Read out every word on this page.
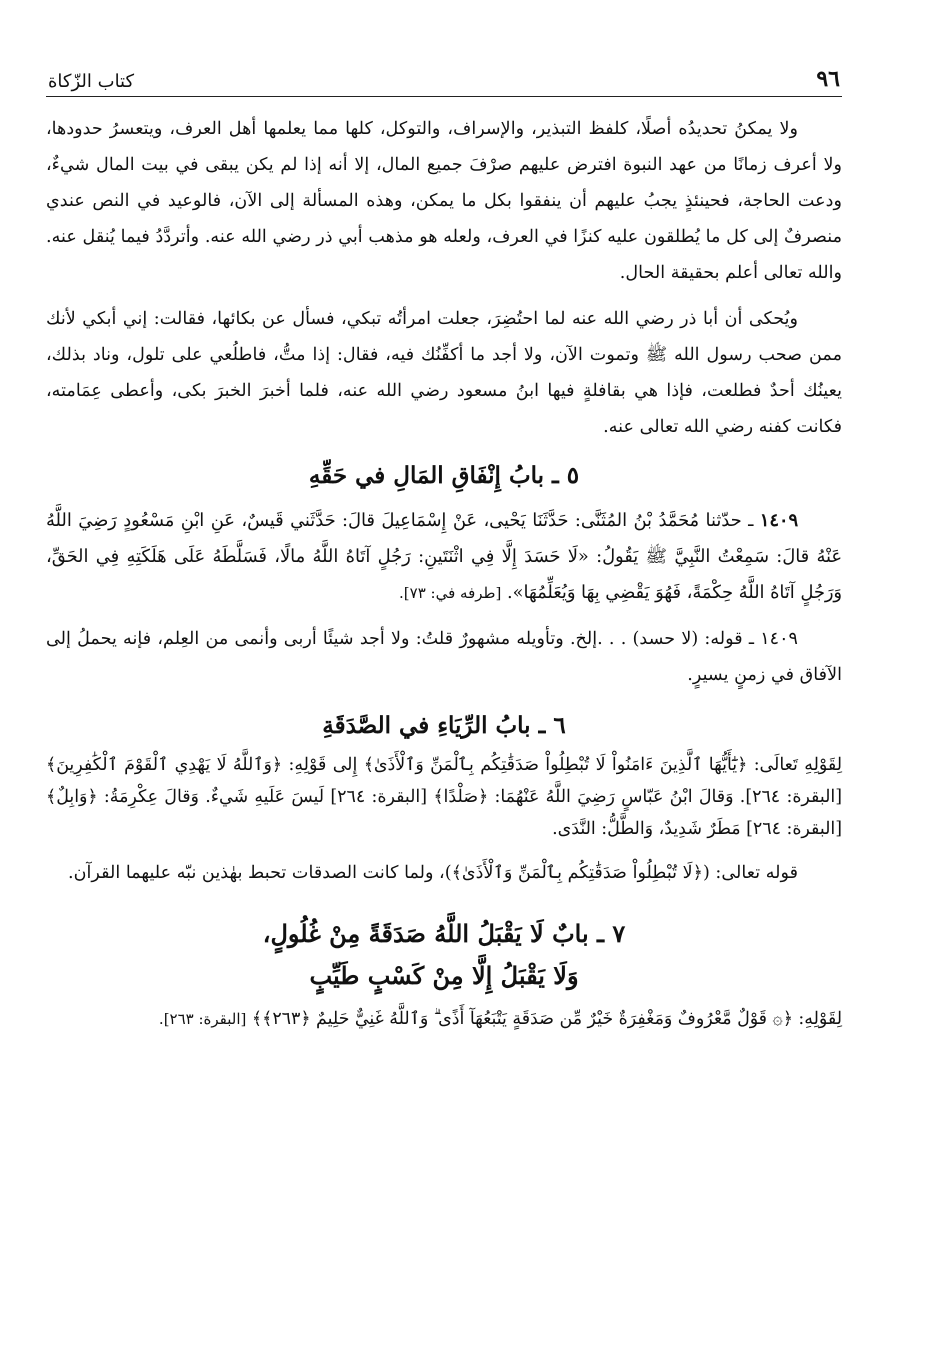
٩٦
كتاب الزّكاة

ولا يمكنُ تحديدُه أصلًا، كلفظ التبذير، والإسراف، والتوكل، كلها مما يعلمها أهل العرف، ويتعسرُ حدودها، ولا أعرف زمانًا من عهد النبوة افترض عليهم صرْفَ جميع المال، إلا أنه إذا لم يكن يبقى في بيت المال شيءٌ، ودعت الحاجة، فحينئذٍ يجبُ عليهم أن ينفقوا بكل ما يمكن، وهذه المسألة إلى الآن، فالوعيد في النص عندي منصرفٌ إلى كل ما يُطلقون عليه كنزًا في العرف، ولعله هو مذهب أبي ذر رضي الله عنه. وأتردَّدُ فيما يُنقل عنه. والله تعالى أعلم بحقيقة الحال.

ويُحكى أن أبا ذر رضي الله عنه لما احتُضِرَ، جعلت امرأتُه تبكي، فسأل عن بكائها، فقالت: إني أبكي لأنك ممن صحب رسول الله ﷺ وتموت الآن، ولا أجد ما أكفِّنُك فيه، فقال: إذا متُّ، فاطلُعي على تلول، وناد بذلك، يعينُك أحدٌ فطلعت، فإذا هي بقافلةٍ فيها ابنُ مسعود رضي الله عنه، فلما أخبرَ الخبرَ بكى، وأعطى عِمَامته، فكانت كفنه رضي الله تعالى عنه.

٥ ـ بابُ إِنْفَاقِ المَالِ في حَقِّهِ

١٤٠٩ ـ حدّثنا مُحَمَّدُ بْنُ المُثَنَّى: حَدَّثَنَا يَحْيى، عَنْ إِسْمَاعِيلَ قالَ: حَدَّثَني قَيسٌ، عَنِ ابْنِ مَسْعُودٍ رَضِيَ اللَّهُ عَنْهُ قالَ: سَمِعْتُ النَّبِيَّ ﷺ يَقُولُ: «لَا حَسَدَ إِلَّا فِي اثْنَتَينِ: رَجُلٍ آتَاهُ اللَّهُ مالًا، فَسَلَّطَهُ عَلَى هَلَكَتِهِ فِي الحَقِّ، وَرَجُلٍ آتَاهُ اللَّهُ حِكْمَةً، فَهُوَ يَقْضِي بِهَا وَيُعَلِّمُهَا». [طرفه في: ٧٣].

١٤٠٩ ـ قوله: (لا حسد) . . .إلخ. وتأويله مشهورٌ قلتُ: ولا أجد شيئًا أربى وأنمى من العِلم، فإنه يحملُ إلى الآفاق في زمنٍ يسيرٍ.

٦ ـ بابُ الرِّيَاءِ في الصَّدَقَةِ

لِقَوْلِهِ تَعالَى: ﴿يَٰٓأَيُّهَا ٱلَّذِينَ ءَامَنُواْ لَا تُبْطِلُواْ صَدَقَٰتِكُم بِٱلْمَنِّ وَٱلْأَذَىٰ﴾ إِلى قَوْلِهِ: ﴿وَٱللَّهُ لَا يَهْدِي ٱلْقَوْمَ ٱلْكَٰفِرِينَ﴾ [البقرة: ٢٦٤]. وَقالَ ابْنُ عَبّاسٍ رَضِيَ اللَّهُ عَنْهُمَا: ﴿صَلْدًا﴾ [البقرة: ٢٦٤] لَيسَ عَلَيهِ شَيءٌ. وَقالَ عِكْرِمَةُ: ﴿وَابِلٌ﴾ [البقرة: ٢٦٤] مَطَرٌ شَدِيدٌ، وَالطَّلُّ: النَّدَى.

قوله تعالى: (﴿لَا تُبْطِلُواْ صَدَقَٰتِكُم بِٱلْمَنِّ وَٱلْأَذَىٰ﴾)، ولما كانت الصدقات تحبط بهٰذين نبّه عليهما القرآن.

٧ ـ بابٌ لَا يَقْبَلُ اللَّهُ صَدَقَةً مِنْ غُلُولٍ،
وَلَا يَقْبَلُ إِلَّا مِنْ كَسْبٍ طَيِّبٍ

لِقَوْلِهِ: ﴿۞ قَوْلٌ مَّعْرُوفٌ وَمَغْفِرَةٌ خَيْرٌ مِّن صَدَقَةٍ يَتْبَعُهَآ أَذًى ۗ وَٱللَّهُ غَنِيٌّ حَلِيمٌ ﴿٢٦٣﴾﴾ [البقرة: ٢٦٣].
